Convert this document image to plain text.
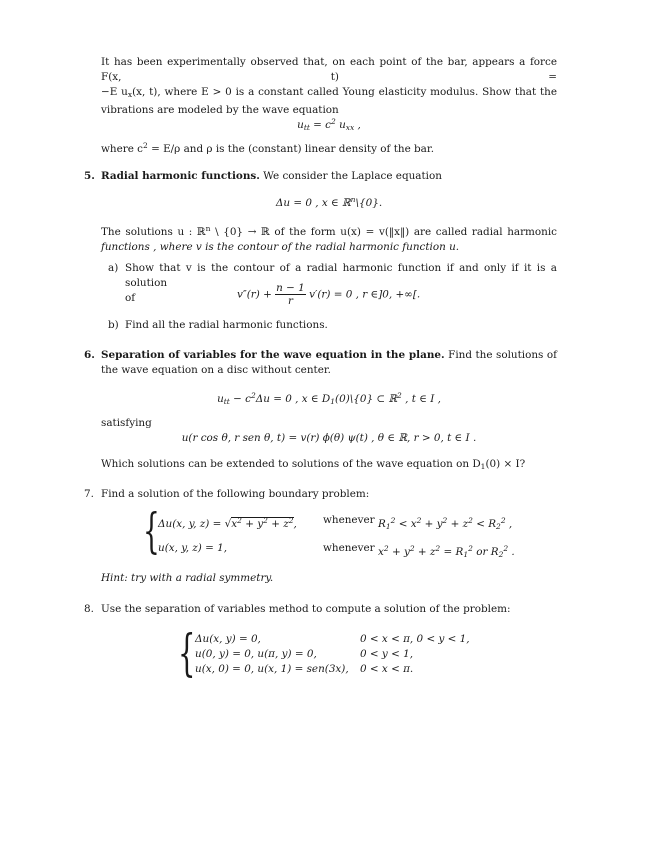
It has been experimentally observed that, on each point of the bar, appears a force F(x, t) =
−E $u_x(x$, t), where E > 0 is a constant called Young elasticity modulus. Show that the
vibrations are modeled by the wave equation
$u_{tt} = c^2$ $u_{xx}$ ,
where $c^2 = E/\rho$ and ρ is the (constant) linear density of the bar.
5. Radial harmonic functions. We consider the Laplace equation
Δu = 0 , x ∈ ℝ$^n$\{0}.
The solutions u : ℝ$^n$ \ {0} → ℝ of the form u(x) = v(‖x‖) are called radial harmonic
functions , where v is the contour of the radial harmonic function u.
a) Show that v is the contour of a radial harmonic function if and only if it is a solution
of	$v''(r) + \frac{n - 1}{r} v'(r) = 0$ , r ∈]0, +∞[.
b) Find all the radial harmonic functions.
6. Separation of variables for the wave equation in the plane. Find the solutions of
the wave equation on a disc without center.
$u_{tt} - c^2\Delta u = 0$ , x ∈ $D_1(0)\backslash\{0\}$ ⊂ ℝ$^2$ , t ∈ I ,
satisfying
u(r cos θ, r sen θ, t) = v(r) ϕ(θ) ψ(t) , θ ∈ ℝ, r > 0, t ∈ I .
Which solutions can be extended to solutions of the wave equation on $D_1(0) \times I$?
7. Find a solution of the following boundary problem:
{
Δu(x, y, $z) = √x^2 + y^2 + z^2$,	whenever $R_1^2 < x^2 + y^2 + z^2 < R_2^2$ ,
u(x, y, z) = 1,	whenever $x^2 + y^2 + z^2 = R_1^2$ or $R_2^2$ .
Hint: try with a radial symmetry.
8. Use the separation of variables method to compute a solution of the problem:
{ Δu(x, y) = 0,	0 < x < π, 0 < y < 1,
u(0, y) = 0, u(π, y) = 0,	0 < y < 1,
u(x, 0) = 0, u(x, 1) = sen(3x), 0 < x < π.
